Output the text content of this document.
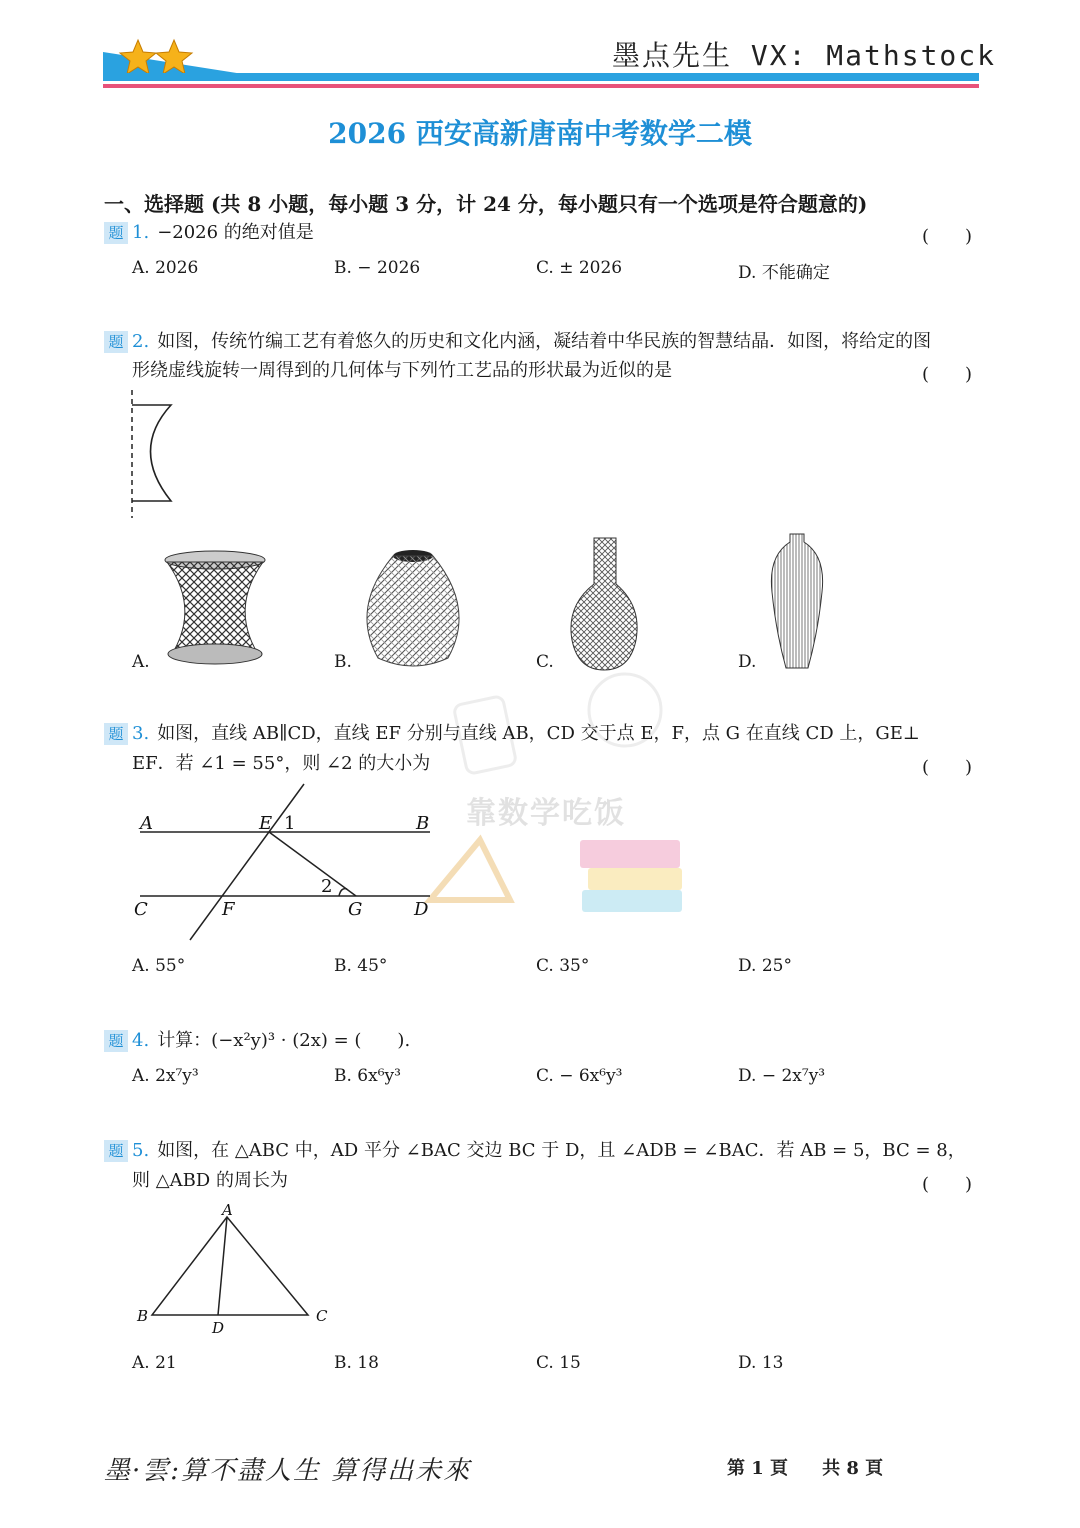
墨点先生 VX: Mathstock
2026 西安高新唐南中考数学二模
一、选择题 (共 8 小题，每小题 3 分，计 24 分，每小题只有一个选项是符合题意的)
题 1. −2026 的绝对值是	(　　)
A. 2026	B. − 2026	C. ± 2026	D. 不能确定
题 2. 如图，传统竹编工艺有着悠久的历史和文化内涵，凝结着中华民族的智慧结晶．如图，将给定的图
形绕虚线旋转一周得到的几何体与下列竹工艺品的形状最为近似的是	(　　)
A.	B.	C.	D.
靠数学吃饭
题 3. 如图，直线 AB∥CD，直线 EF 分别与直线 AB，CD 交于点 E，F，点 G 在直线 CD 上，GE⊥
EF．若 ∠1 = 55°，则 ∠2 的大小为	(　　)
A	E 1	B
2
C	F	G	D
A. 55°	B. 45°	C. 35°	D. 25°
题 4. 计算：(−x²y)³ · (2x) = (　　).
A. 2x⁷y³	B. 6x⁶y³	C. − 6x⁶y³	D. − 2x⁷y³
题 5. 如图，在 △ABC 中，AD 平分 ∠BAC 交边 BC 于 D，且 ∠ADB = ∠BAC．若 AB = 5，BC = 8，
则 △ABD 的周长为	(　　)
A
B	C
D
A. 21	B. 18	C. 15	D. 13
墨·雲:算不盡人生 算得出未來	第 1 頁 共 8 頁
